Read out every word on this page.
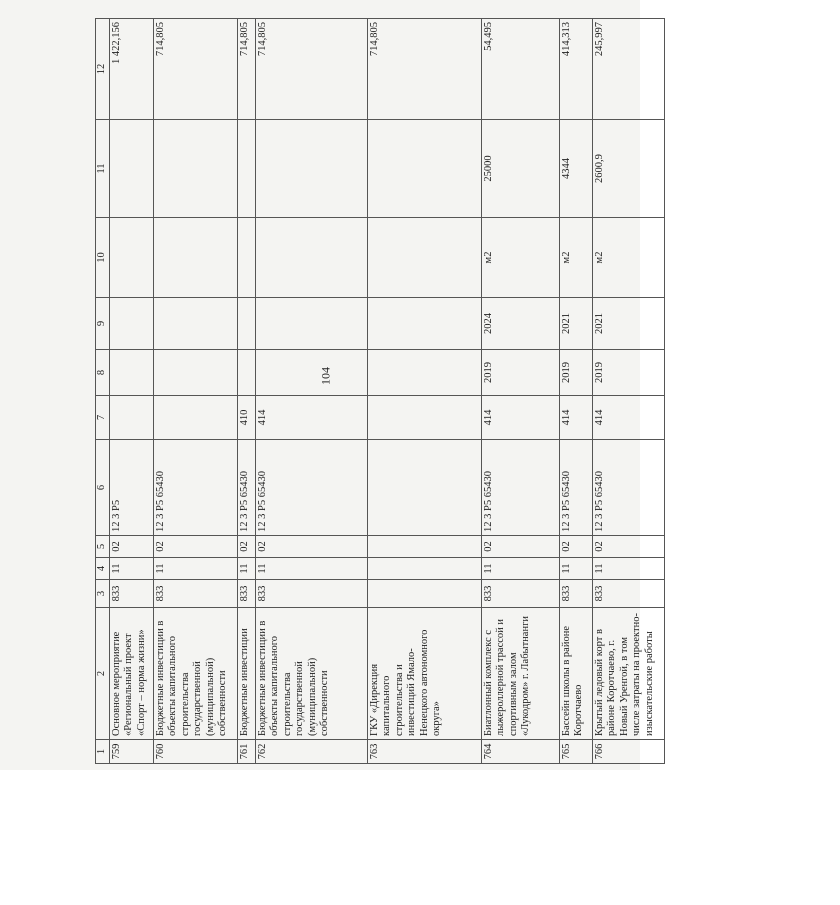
104
1	2	3	4	5	6	7	8	9	10	11	12
759	Основное мероприятие «Региональный проект «Спорт – норма жизни»	833	11	02	12 3 P5						1 422,156
760	Бюджетные инвестиции в объекты капитального строительства государственной (муниципальной) собственности	833	11	02	12 3 P5 65430						714,805
761	Бюджетные инвестиции	833	11	02	12 3 P5 65430	410					714,805
762	Бюджетные инвестиции в объекты капитального строительства государственной (муниципальной) собственности	833	11	02	12 3 P5 65430	414					714,805
763	ГКУ «Дирекция капитального строительства и инвестиций Ямало-Ненецкого автономного округа»										714,805
764	Биатлонный комплекс с лыжероллерной трассой и спортивным залом «Лукодром» г. Лабытнанги	833	11	02	12 3 P5 65430	414	2019	2024	м2	25000	54,495
765	Бассейн школы в районе Коротчаево	833	11	02	12 3 P5 65430	414	2019	2021	м2	4344	414,313
766	Крытый ледовый корт в районе Коротчаево, г. Новый Уренгой, в том числе затраты на проектно-изыскательские работы	833	11	02	12 3 P5 65430	414	2019	2021	м2	2600,9	245,997
